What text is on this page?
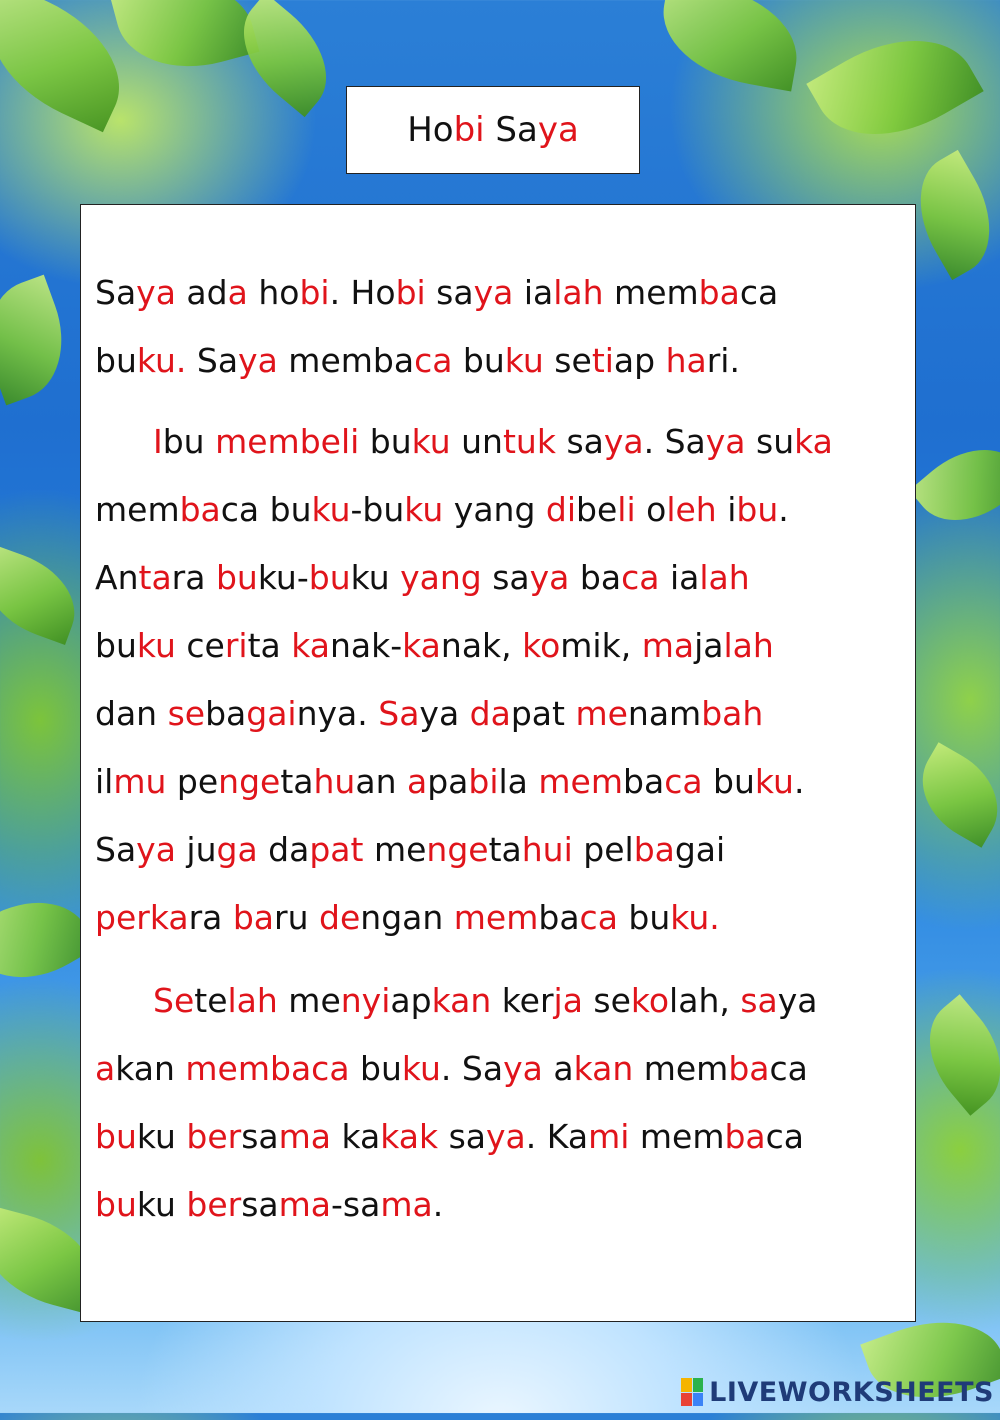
Hobi Saya
Saya ada hobi. Hobi saya ialah membaca
buku. Saya membaca buku setiap hari.
Ibu membeli buku untuk saya. Saya suka
membaca buku-buku yang dibeli oleh ibu.
Antara buku-buku yang saya baca ialah
buku cerita kanak-kanak, komik, majalah
dan sebagainya. Saya dapat menambah
ilmu pengetahuan apabila membaca buku.
Saya juga dapat mengetahui pelbagai
perkara baru dengan membaca buku.
Setelah menyiapkan kerja sekolah, saya
akan membaca buku. Saya akan membaca
buku bersama kakak saya. Kami membaca
buku bersama-sama.
LIVEWORKSHEETS
